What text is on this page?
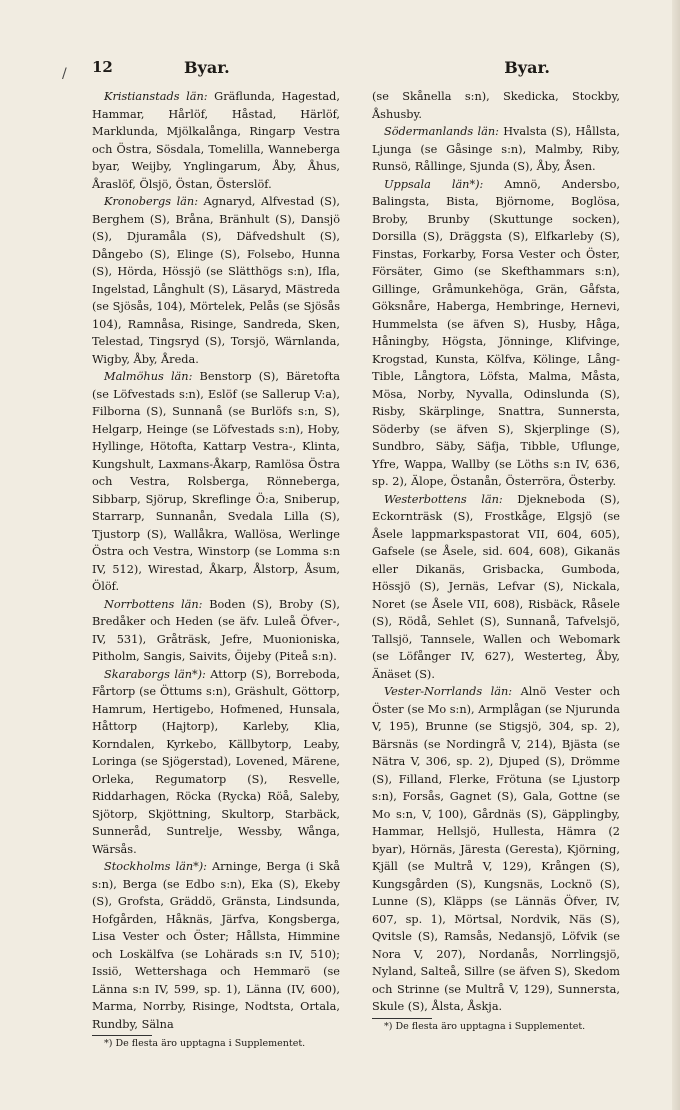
/ 12	Byar.	Byar.

Kristianstads län: Gräflunda, Hagestad, Hammar, Hårlöf, Håstad, Härlöf, Marklunda, Mjölkalånga, Ringarp Vestra och Östra, Sösdala, Tomelilla, Wanneberga byar, Weijby, Ynglingarum, Åby, Åhus, Åraslöf, Ölsjö, Östan, Österslöf.

Kronobergs län: Agnaryd, Alfvestad (S), Berghem (S), Bråna, Bränhult (S), Dansjö (S), Djuramåla (S), Däfvedshult (S), Dångebo (S), Elinge (S), Folsebo, Hunna (S), Hörda, Hössjö (se Slätthögs s:n), Ifla, Ingelstad, Långhult (S), Läsaryd, Mästreda (se Sjösås, 104), Mörtelek, Pelås (se Sjösås 104), Ramnåsa, Risinge, Sandreda, Sken, Telestad, Tingsryd (S), Torsjö, Wärnlanda, Wigby, Åby, Åreda.

Malmöhus län: Benstorp (S), Bäretofta (se Löfvestads s:n), Eslöf (se Sallerup V:a), Filborna (S), Sunnanå (se Burlöfs s:n, S), Helgarp, Heinge (se Löfvestads s:n), Hoby, Hyllinge, Hötofta, Kattarp Vestra-, Klinta, Kungshult, Laxmans-Åkarp, Ramlösa Östra och Vestra, Rolsberga, Rönneberga, Sibbarp, Sjörup, Skreflinge Ö:a, Sniberup, Starrarp, Sunnanån, Svedala Lilla (S), Tjustorp (S), Wallåkra, Wallösa, Werlinge Östra och Vestra, Winstorp (se Lomma s:n IV, 512), Wirestad, Åkarp, Ålstorp, Åsum, Ölöf.

Norrbottens län: Boden (S), Broby (S), Bredåker och Heden (se äfv. Luleå Öfver-, IV, 531), Gråträsk, Jefre, Muonioniska, Pitholm, Sangis, Saivits, Öijeby (Piteå s:n).

Skaraborgs län*): Attorp (S), Borreboda, Fårtorp (se Öttums s:n), Gräshult, Göttorp, Hamrum, Hertigebo, Hofmened, Hunsala, Håttorp (Hajtorp), Karleby, Klia, Korndalen, Kyrkebo, Källbytorp, Leaby, Loringa (se Sjögerstad), Lovened, Märene, Orleka, Regumatorp (S), Resvelle, Riddarhagen, Röcka (Rycka) Röå, Saleby, Sjötorp, Skjöttning, Skultorp, Starbäck, Sunneråd, Suntrelje, Wessby, Wånga, Wärsås.

Stockholms län*): Arninge, Berga (i Skå s:n), Berga (se Edbo s:n), Eka (S), Ekeby (S), Grofsta, Gräddö, Gränsta, Lindsunda, Hofgården, Håknäs, Järfva, Kongsberga, Lisa Vester och Öster; Hållsta, Himmine och Loskälfva (se Lohärads s:n IV, 510); Issiö, Wettershaga och Hemmarö (se Länna s:n IV, 599, sp. 1), Länna (IV, 600), Marma, Norrby, Risinge, Nodtsta, Ortala, Rundby, Sälna

*) De flesta äro upptagna i Supplementet.

(se Skånella s:n), Skedicka, Stockby, Åshusby.

Södermanlands län: Hvalsta (S), Hållsta, Ljunga (se Gåsinge s:n), Malmby, Riby, Runsö, Rållinge, Sjunda (S), Åby, Åsen.

Uppsala län*): Amnö, Andersbo, Balingsta, Bista, Björnome, Boglösa, Broby, Brunby (Skuttunge socken), Dorsilla (S), Dräggsta (S), Elfkarleby (S), Finstas, Forkarby, Forsa Vester och Öster, Försäter, Gimo (se Skefthammars s:n), Gillinge, Gråmunkehöga, Grän, Gåfsta, Göksnåre, Haberga, Hembringe, Hernevi, Hummelsta (se äfven S), Husby, Håga, Håningby, Högsta, Jönninge, Klifvinge, Krogstad, Kunsta, Kölfva, Kölinge, Lång-Tible, Långtora, Löfsta, Malma, Måsta, Mösa, Norby, Nyvalla, Odinslunda (S), Risby, Skärplinge, Snattra, Sunnersta, Söderby (se äfven S), Skjerplinge (S), Sundbro, Säby, Säfja, Tibble, Uflunge, Yfre, Wappa, Wallby (se Löths s:n IV, 636, sp. 2), Älope, Östanån, Österröra, Österby.

Westerbottens län: Djekneboda (S), Eckornträsk (S), Frostkåge, Elgsjö (se Åsele lappmarkspastorat VII, 604, 605), Gafsele (se Åsele, sid. 604, 608), Gikanäs eller Dikanäs, Grisbacka, Gumboda, Hössjö (S), Jernäs, Lefvar (S), Nickala, Noret (se Åsele VII, 608), Risbäck, Råsele (S), Rödå, Sehlet (S), Sunnanå, Tafvelsjö, Tallsjö, Tannsele, Wallen och Webomark (se Löfånger IV, 627), Westerteg, Åby, Änäset (S).

Vester-Norrlands län: Alnö Vester och Öster (se Mo s:n), Armplågan (se Njurunda V, 195), Brunne (se Stigsjö, 304, sp. 2), Bärsnäs (se Nordingrå V, 214), Bjästa (se Nätra V, 306, sp. 2), Djuped (S), Drömme (S), Filland, Flerke, Frötuna (se Ljustorp s:n), Forsås, Gagnet (S), Gala, Gottne (se Mo s:n, V, 100), Gårdnäs (S), Gäpplingby, Hammar, Hellsjö, Hullesta, Hämra (2 byar), Hörnäs, Järesta (Geresta), Kjörning, Kjäll (se Multrå V, 129), Krången (S), Kungsgården (S), Kungsnäs, Locknö (S), Lunne (S), Kläpps (se Lännäs Öfver, IV, 607, sp. 1), Mörtsal, Nordvik, Näs (S), Qvitsle (S), Ramsås, Nedansjö, Löfvik (se Nora V, 207), Nordanås, Norrlingsjö, Nyland, Salteå, Sillre (se äfven S), Skedom och Strinne (se Multrå V, 129), Sunnersta, Skule (S), Ålsta, Åskja.

*) De flesta äro upptagna i Supplementet.
